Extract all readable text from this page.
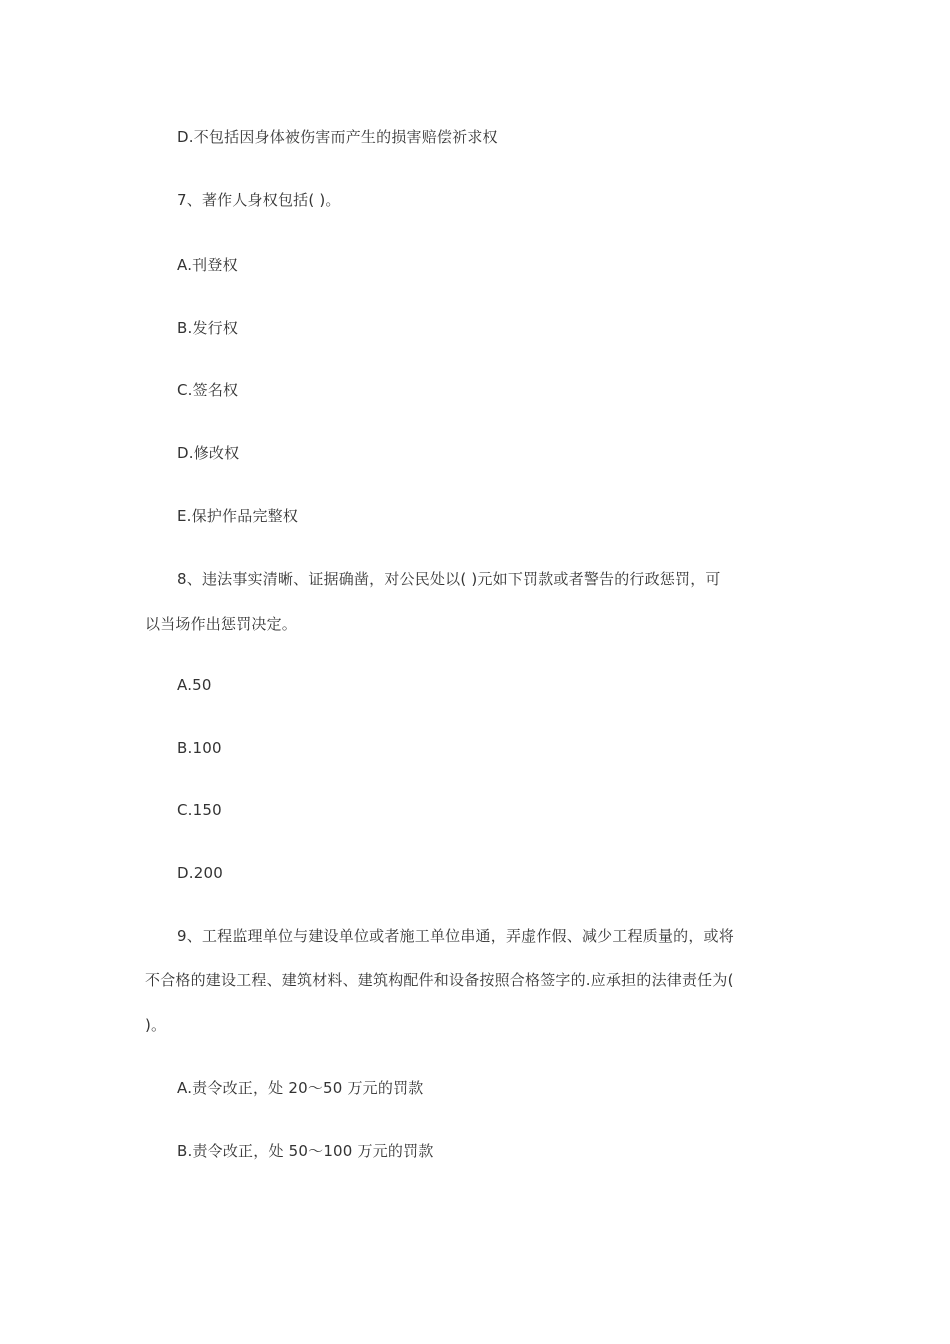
D.不包括因身体被伤害而产生的损害赔偿祈求权
7、著作人身权包括( )。
A.刊登权
B.发行权
C.签名权
D.修改权
E.保护作品完整权
8、违法事实清晰、证据确凿，对公民处以( )元如下罚款或者警告的行政惩罚，可
以当场作出惩罚决定。
A.50
B.100
C.150
D.200
9、工程监理单位与建设单位或者施工单位串通，弄虚作假、减少工程质量的，或将
不合格的建设工程、建筑材料、建筑构配件和设备按照合格签字的.应承担的法律责任为(
)。
A.责令改正，处 20～50 万元的罚款
B.责令改正，处 50～100 万元的罚款
